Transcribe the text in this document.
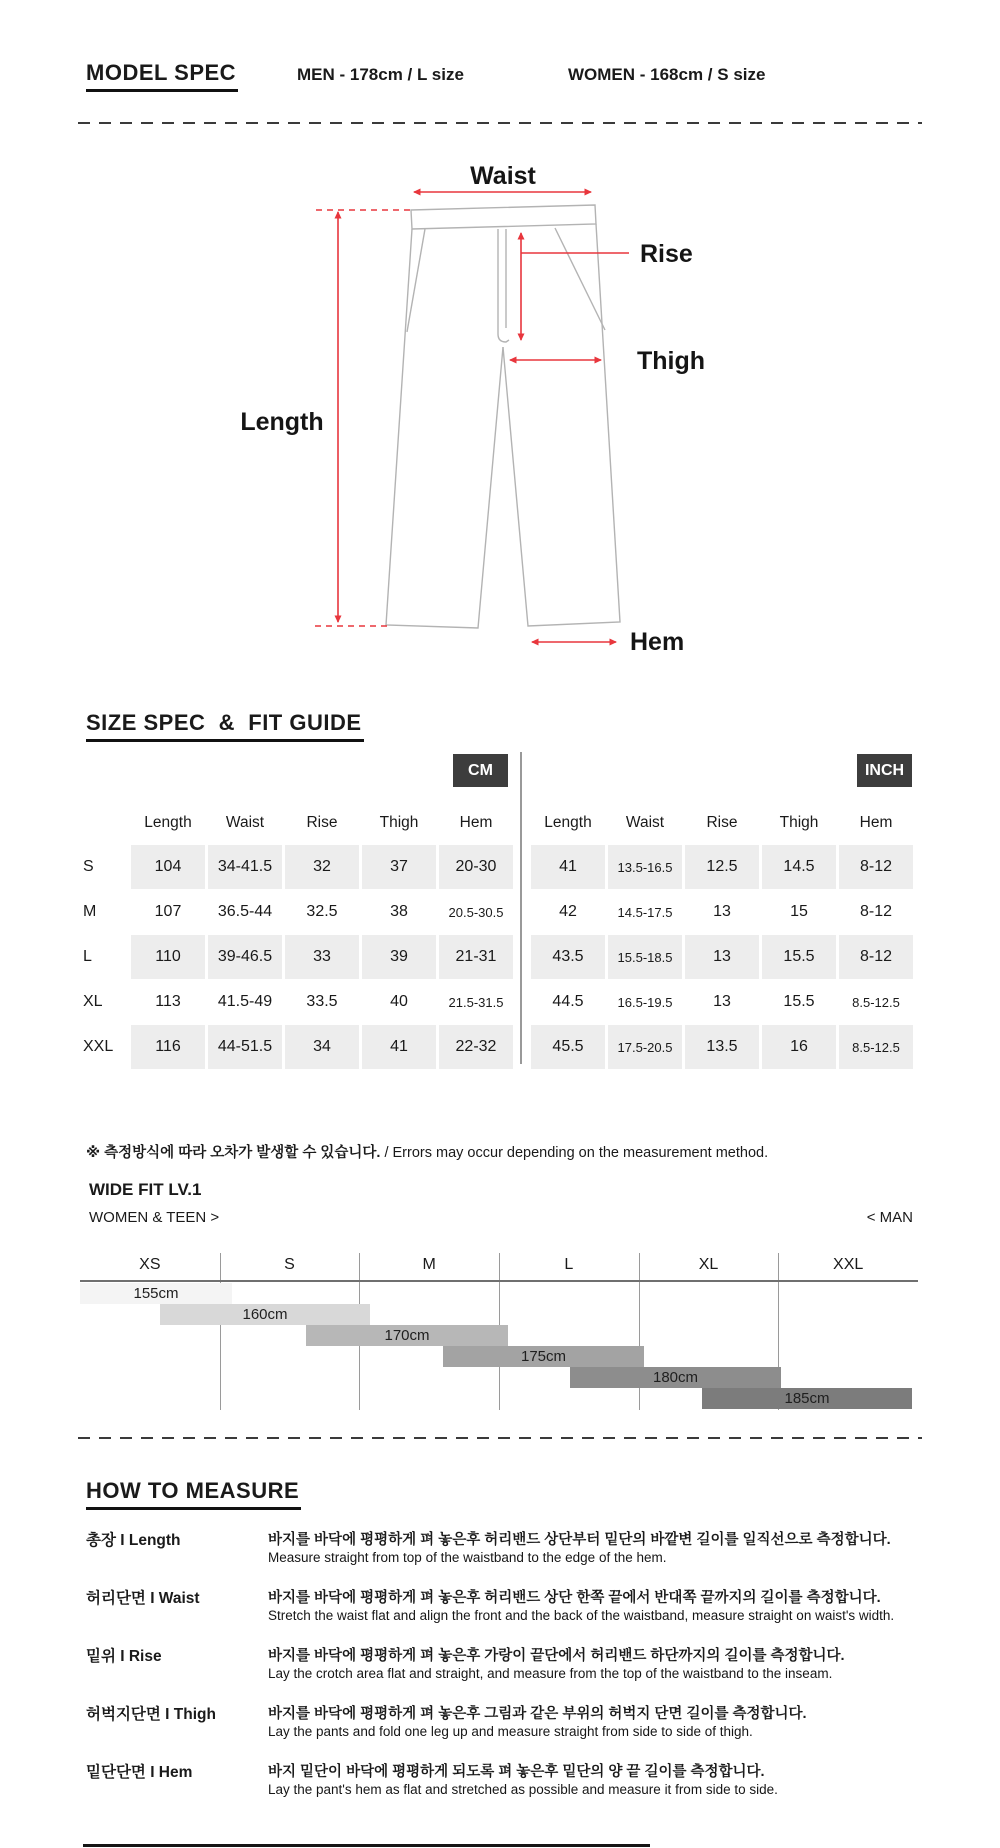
MODEL SPEC	MEN - 178cm / L size	WOMEN - 168cm / S size
Waist
Rise
Thigh
Length
Hem
SIZE SPEC  &  FIT GUIDE
CM	INCH
Length	Waist	Rise	Thigh	Hem
S	104	34-41.5	32	37	20-30
M	107	36.5-44	32.5	38	20.5-30.5
L	110	39-46.5	33	39	21-31
XL	113	41.5-49	33.5	40	21.5-31.5
XXL	116	44-51.5	34	41	22-32
Length	Waist	Rise	Thigh	Hem
41	13.5-16.5	12.5	14.5	8-12
42	14.5-17.5	13	15	8-12
43.5	15.5-18.5	13	15.5	8-12
44.5	16.5-19.5	13	15.5	8.5-12.5
45.5	17.5-20.5	13.5	16	8.5-12.5
※ 측정방식에 따라 오차가 발생할 수 있습니다. / Errors may occur depending on the measurement method.
WIDE FIT LV.1
WOMEN & TEEN >	< MAN
XS	S	M	L	XL	XXL
155cm
160cm
170cm
175cm
180cm
185cm
HOW TO MEASURE
총장 I Length	바지를 바닥에 평평하게 펴 놓은후 허리밴드 상단부터 밑단의 바깥변 길이를 일직선으로 측정합니다.
Measure straight from top of the waistband to the edge of the hem.
허리단면 I Waist	바지를 바닥에 평평하게 펴 놓은후 허리밴드 상단 한쪽 끝에서 반대쪽 끝까지의 길이를 측정합니다.
Stretch the waist flat and align the front and the back of the waistband, measure straight on waist's width.
밑위 I Rise	바지를 바닥에 평평하게 펴 놓은후 가랑이 끝단에서 허리밴드 하단까지의 길이를 측정합니다.
Lay the crotch area flat and straight, and measure from the top of the waistband to the inseam.
허벅지단면 I Thigh	바지를 바닥에 평평하게 펴 놓은후 그림과 같은 부위의 허벅지 단면 길이를 측정합니다.
Lay the pants and fold one leg up and measure straight from side to side of thigh.
밑단단면 I Hem	바지 밑단이 바닥에 평평하게 되도록 펴 놓은후 밑단의 양 끝 길이를 측정합니다.
Lay the pant's hem as flat and stretched as possible and measure it from side to side.
